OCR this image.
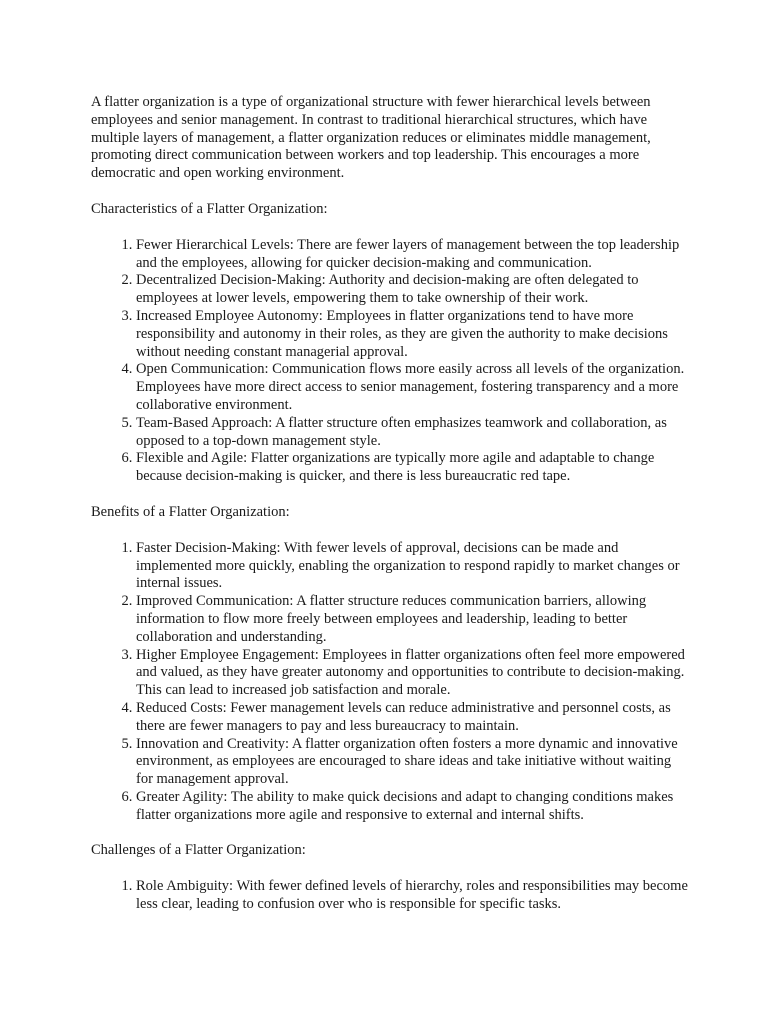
A flatter organization is a type of organizational structure with fewer hierarchical levels between employees and senior management. In contrast to traditional hierarchical structures, which have multiple layers of management, a flatter organization reduces or eliminates middle management, promoting direct communication between workers and top leadership. This encourages a more democratic and open working environment.

Characteristics of a Flatter Organization:

1. Fewer Hierarchical Levels: There are fewer layers of management between the top leadership and the employees, allowing for quicker decision-making and communication.
2. Decentralized Decision-Making: Authority and decision-making are often delegated to employees at lower levels, empowering them to take ownership of their work.
3. Increased Employee Autonomy: Employees in flatter organizations tend to have more responsibility and autonomy in their roles, as they are given the authority to make decisions without needing constant managerial approval.
4. Open Communication: Communication flows more easily across all levels of the organization. Employees have more direct access to senior management, fostering transparency and a more collaborative environment.
5. Team-Based Approach: A flatter structure often emphasizes teamwork and collaboration, as opposed to a top-down management style.
6. Flexible and Agile: Flatter organizations are typically more agile and adaptable to change because decision-making is quicker, and there is less bureaucratic red tape.

Benefits of a Flatter Organization:

1. Faster Decision-Making: With fewer levels of approval, decisions can be made and implemented more quickly, enabling the organization to respond rapidly to market changes or internal issues.
2. Improved Communication: A flatter structure reduces communication barriers, allowing information to flow more freely between employees and leadership, leading to better collaboration and understanding.
3. Higher Employee Engagement: Employees in flatter organizations often feel more empowered and valued, as they have greater autonomy and opportunities to contribute to decision-making. This can lead to increased job satisfaction and morale.
4. Reduced Costs: Fewer management levels can reduce administrative and personnel costs, as there are fewer managers to pay and less bureaucracy to maintain.
5. Innovation and Creativity: A flatter organization often fosters a more dynamic and innovative environment, as employees are encouraged to share ideas and take initiative without waiting for management approval.
6. Greater Agility: The ability to make quick decisions and adapt to changing conditions makes flatter organizations more agile and responsive to external and internal shifts.

Challenges of a Flatter Organization:

1. Role Ambiguity: With fewer defined levels of hierarchy, roles and responsibilities may become less clear, leading to confusion over who is responsible for specific tasks.
